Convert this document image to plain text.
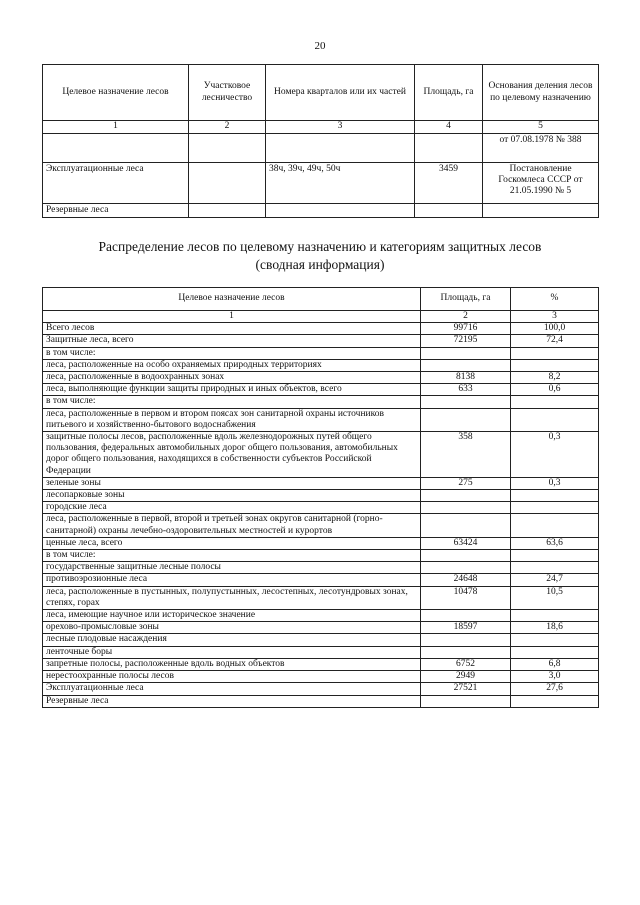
20
Целевое назначение лесов	Участковое лесничество	Номера кварталов или их частей	Площадь, га	Основания деления лесов по целевому назначению
1	2	3	4	5
				от 07.08.1978 № 388
Эксплуатационные леса		38ч, 39ч, 49ч, 50ч	3459	Постановление Госкомлеса СССР от 21.05.1990 № 5
Резервные леса				
Распределение лесов по целевому назначению и категориям защитных лесов
(сводная информация)
Целевое назначение лесов	Площадь, га	%
1	2	3
Всего лесов	99716	100,0
Защитные леса, всего	72195	72,4
в том числе:		
леса, расположенные на особо охраняемых природных территориях		
леса, расположенные в водоохранных зонах	8138	8,2
леса, выполняющие функции защиты природных и иных объектов, всего	633	0,6
в том числе:		
леса, расположенные в первом и втором поясах зон санитарной охраны источников питьевого и хозяйственно-бытового водоснабжения		
защитные полосы лесов, расположенные вдоль железнодорожных путей общего пользования, федеральных автомобильных дорог общего пользования, автомобильных дорог общего пользования, находящихся в собственности субъектов Российской Федерации	358	0,3
зеленые зоны	275	0,3
лесопарковые зоны		
городские леса		
леса, расположенные в первой, второй и третьей зонах округов санитарной (горно-санитарной) охраны лечебно-оздоровительных местностей и курортов		
ценные леса, всего	63424	63,6
в том числе:		
государственные защитные лесные полосы		
противоэрозионные леса	24648	24,7
леса, расположенные в пустынных, полупустынных, лесостепных, лесотундровых зонах, степях, горах	10478	10,5
леса, имеющие научное или историческое значение		
орехово-промысловые зоны	18597	18,6
лесные плодовые насаждения		
ленточные боры		
запретные полосы, расположенные вдоль водных объектов	6752	6,8
нерестоохранные полосы лесов	2949	3,0
Эксплуатационные леса	27521	27,6
Резервные леса		
